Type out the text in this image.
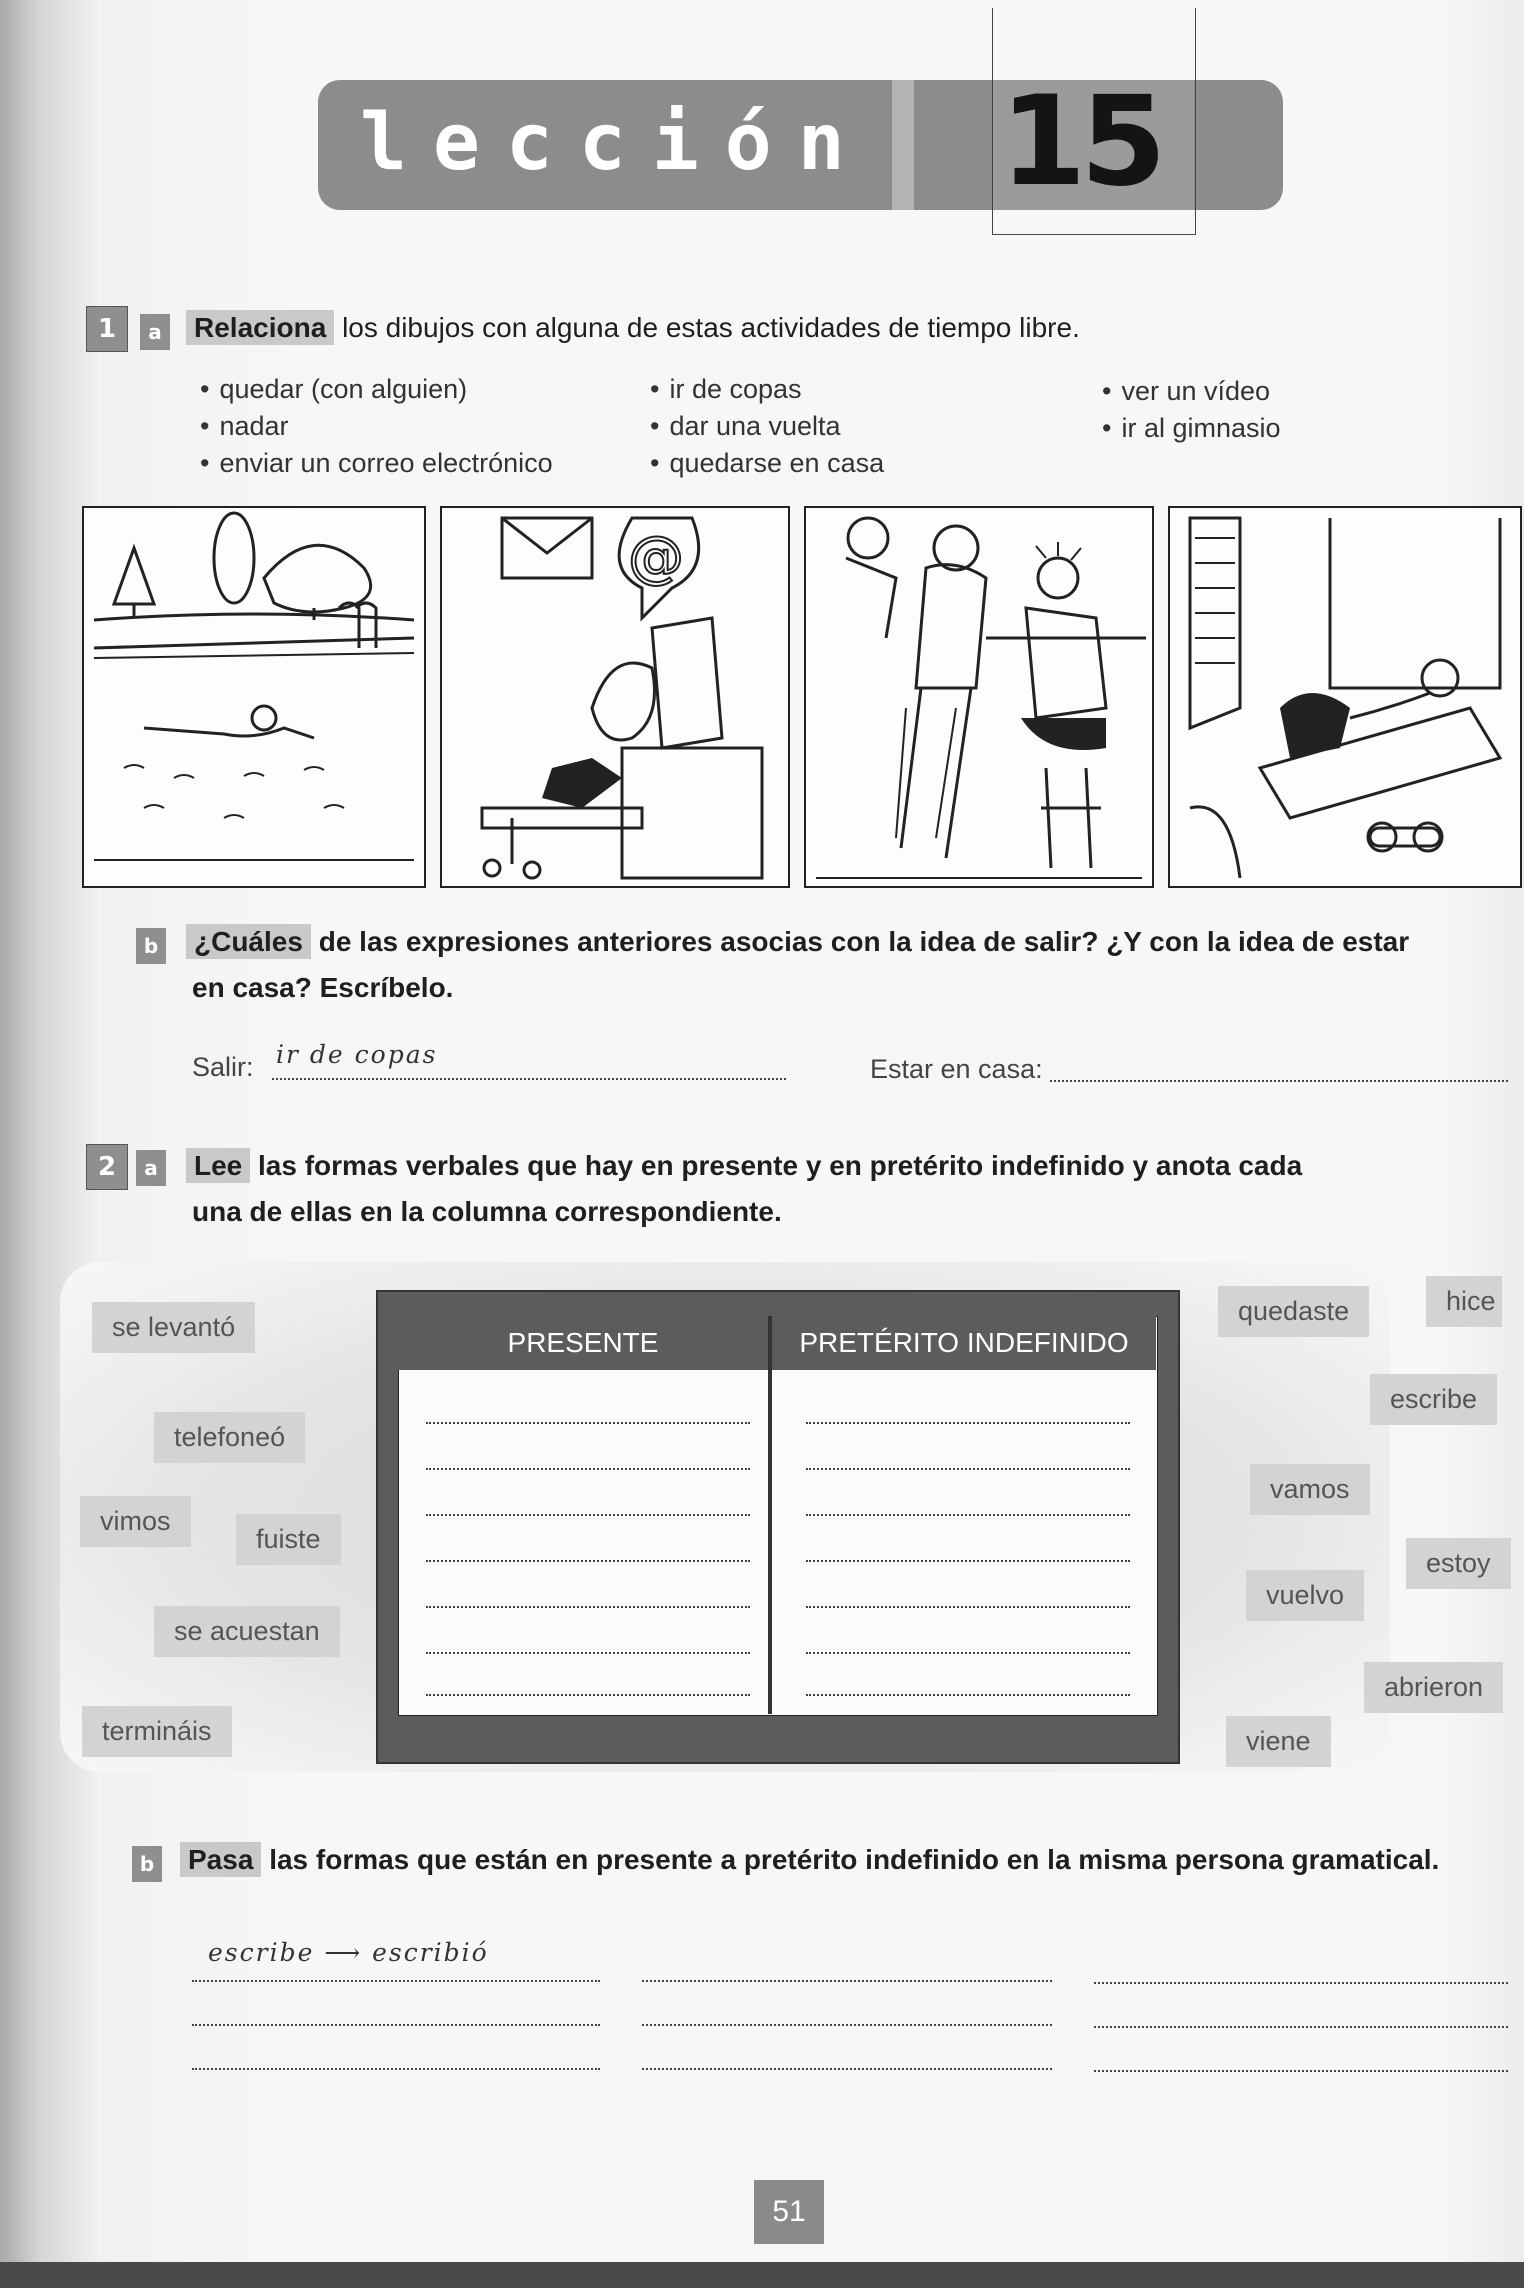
lección 15
1	a Relaciona los dibujos con alguna de estas actividades de tiempo libre.
• quedar (con alguien)
• nadar
• enviar un correo electrónico
• ir de copas
• dar una vuelta
• quedarse en casa
• ver un vídeo
• ir al gimnasio
@
b ¿Cuáles de las expresiones anteriores asocias con la idea de salir? ¿Y con la idea de estar
en casa? Escríbelo.
Salir: ir de copas	Estar en casa:
2	a Lee las formas verbales que hay en presente y en pretérito indefinido y anota cada
una de ellas en la columna correspondiente.
se levantó
telefoneó
vimos
fuiste
se acuestan
termináis
quedaste	hice
escribe
vamos
estoy
vuelvo
abrieron
viene
PRESENTE	PRETÉRITO INDEFINIDO
b Pasa las formas que están en presente a pretérito indefinido en la misma persona gramatical.
escribe ⟶ escribió
51
